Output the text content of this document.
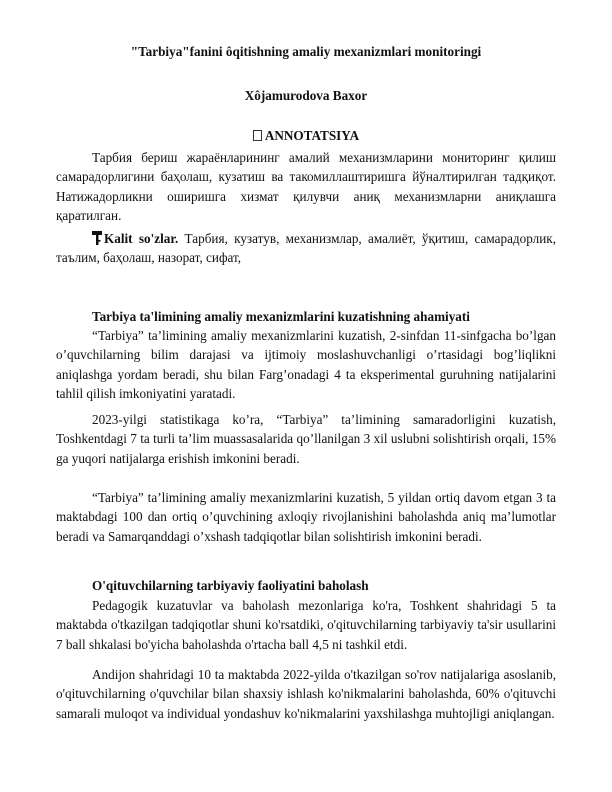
"Tarbiya"fanini ôqitishning amaliy mexanizmlari monitoringi
Xôjamurodova Baxor
ANNOTATSIYA
Тарбия бериш жараёнларининг амалий механизмларини мониторинг қилиш самарадорлигини баҳолаш, кузатиш ва такомиллаштиришга йўналтирилган тадқиқот. Натижадорликни оширишга хизмат қилувчи аниқ механизмларни аниқлашга қаратилган.
Kalit so'zlar. Тарбия, кузатув, механизмлар, амалиёт, ўқитиш, самарадорлик, таълим, баҳолаш, назорат, сифат,
Tarbiya ta'limining amaliy mexanizmlarini kuzatishning ahamiyati
“Tarbiya” ta’limining amaliy mexanizmlarini kuzatish, 2-sinfdan 11-sinfgacha bo’lgan o’quvchilarning bilim darajasi va ijtimoiy moslashuvchanligi o’rtasidagi bog’liqlikni aniqlashga yordam beradi, shu bilan Farg’onadagi 4 ta eksperimental guruhning natijalarini tahlil qilish imkoniyatini yaratadi.
2023-yilgi statistikaga ko’ra, “Tarbiya” ta’limining samaradorligini kuzatish, Toshkentdagi 7 ta turli ta’lim muassasalarida qo’llanilgan 3 xil uslubni solishtirish orqali, 15% ga yuqori natijalarga erishish imkonini beradi.
“Tarbiya” ta’limining amaliy mexanizmlarini kuzatish, 5 yildan ortiq davom etgan 3 ta maktabdagi 100 dan ortiq o’quvchining axloqiy rivojlanishini baholashda aniq ma’lumotlar beradi va Samarqanddagi o’xshash tadqiqotlar bilan solishtirish imkonini beradi.
O'qituvchilarning tarbiyaviy faoliyatini baholash
Pedagogik kuzatuvlar va baholash mezonlariga ko'ra, Toshkent shahridagi 5 ta maktabda o'tkazilgan tadqiqotlar shuni ko'rsatdiki, o'qituvchilarning tarbiyaviy ta'sir usullarini 7 ball shkalasi bo'yicha baholashda o'rtacha ball 4,5 ni tashkil etdi.
Andijon shahridagi 10 ta maktabda 2022-yilda o'tkazilgan so'rov natijalariga asoslanib, o'qituvchilarning o'quvchilar bilan shaxsiy ishlash ko'nikmalarini baholashda, 60% o'qituvchi samarali muloqot va individual yondashuv ko'nikmalarini yaxshilashga muhtojligi aniqlangan.
